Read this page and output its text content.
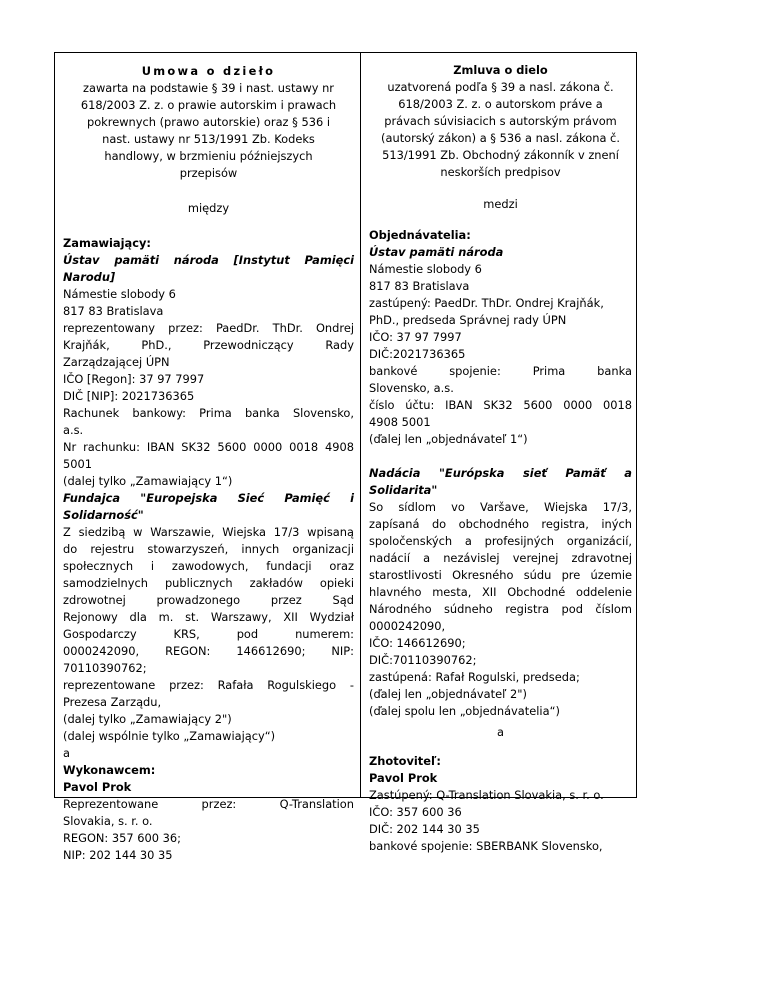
Umowa o dzieło
zawarta na podstawie § 39 i nast. ustawy nr
618/2003 Z. z. o prawie autorskim i prawach
pokrewnych (prawo autorskie) oraz § 536 i
nast. ustawy nr 513/1991 Zb. Kodeks
handlowy, w brzmieniu późniejszych
przepisów
między
Zamawiający:
Ústav pamäti národa [Instytut Pamięci
Narodu]
Námestie slobody 6
817 83 Bratislava
reprezentowany przez: PaedDr. ThDr. Ondrej
Krajňák, PhD., Przewodniczący Rady
Zarządzającej ÚPN
IČO [Regon]: 37 97 7997
DIČ [NIP]: 2021736365
Rachunek bankowy: Prima banka Slovensko,
a.s.
Nr rachunku: IBAN SK32 5600 0000 0018 4908
5001
(dalej tylko „Zamawiający 1“)
Fundajca "Europejska Sieć Pamięć i
Solidarność"
Z siedzibą w Warszawie, Wiejska 17/3 wpisaną
do rejestru stowarzyszeń, innych organizacji
społecznych i zawodowych, fundacji oraz
samodzielnych publicznych zakładów opieki
zdrowotnej prowadzonego przez Sąd
Rejonowy dla m. st. Warszawy, XII Wydział
Gospodarczy KRS, pod numerem:
0000242090, REGON: 146612690; NIP:
70110390762;
reprezentowane przez: Rafała Rogulskiego -
Prezesa Zarządu,
(dalej tylko „Zamawiający 2")
(dalej wspólnie tylko „Zamawiający“)
a
Wykonawcem:
Pavol Prok
Reprezentowane przez: Q-Translation
Slovakia, s. r. o.
REGON: 357 600 36;
NIP: 202 144 30 35
Zmluva o dielo
uzatvorená podľa § 39 a nasl. zákona č.
618/2003 Z. z. o autorskom práve a
právach súvisiacich s autorským právom
(autorský zákon) a § 536 a nasl. zákona č.
513/1991 Zb. Obchodný zákonník v znení
neskorších predpisov
medzi
Objednávatelia:
Ústav pamäti národa
Námestie slobody 6
817 83 Bratislava
zastúpený: PaedDr. ThDr. Ondrej Krajňák,
PhD., predseda Správnej rady ÚPN
IČO: 37 97 7997
DIČ:2021736365
bankové spojenie: Prima banka
Slovensko, a.s.
číslo účtu: IBAN SK32 5600 0000 0018
4908 5001
(ďalej len „objednávateľ 1“)
Nadácia "Európska sieť Pamäť a
Solidarita"
So sídlom vo Varšave, Wiejska 17/3,
zapísaná do obchodného registra, iných
spoločenských a profesijných organizácií,
nadácií a nezávislej verejnej zdravotnej
starostlivosti Okresného súdu pre územie
hlavného mesta, XII Obchodné oddelenie
Národného súdneho registra pod číslom
0000242090,
IČO: 146612690;
DIČ:70110390762;
zastúpená: Rafał Rogulski, predseda;
(ďalej len „objednávateľ 2")
(ďalej spolu len „objednávatelia“)
a
Zhotoviteľ:
Pavol Prok
Zastúpený: Q-Translation Slovakia, s. r. o.
IČO: 357 600 36
DIČ: 202 144 30 35
bankové spojenie: SBERBANK Slovensko,
